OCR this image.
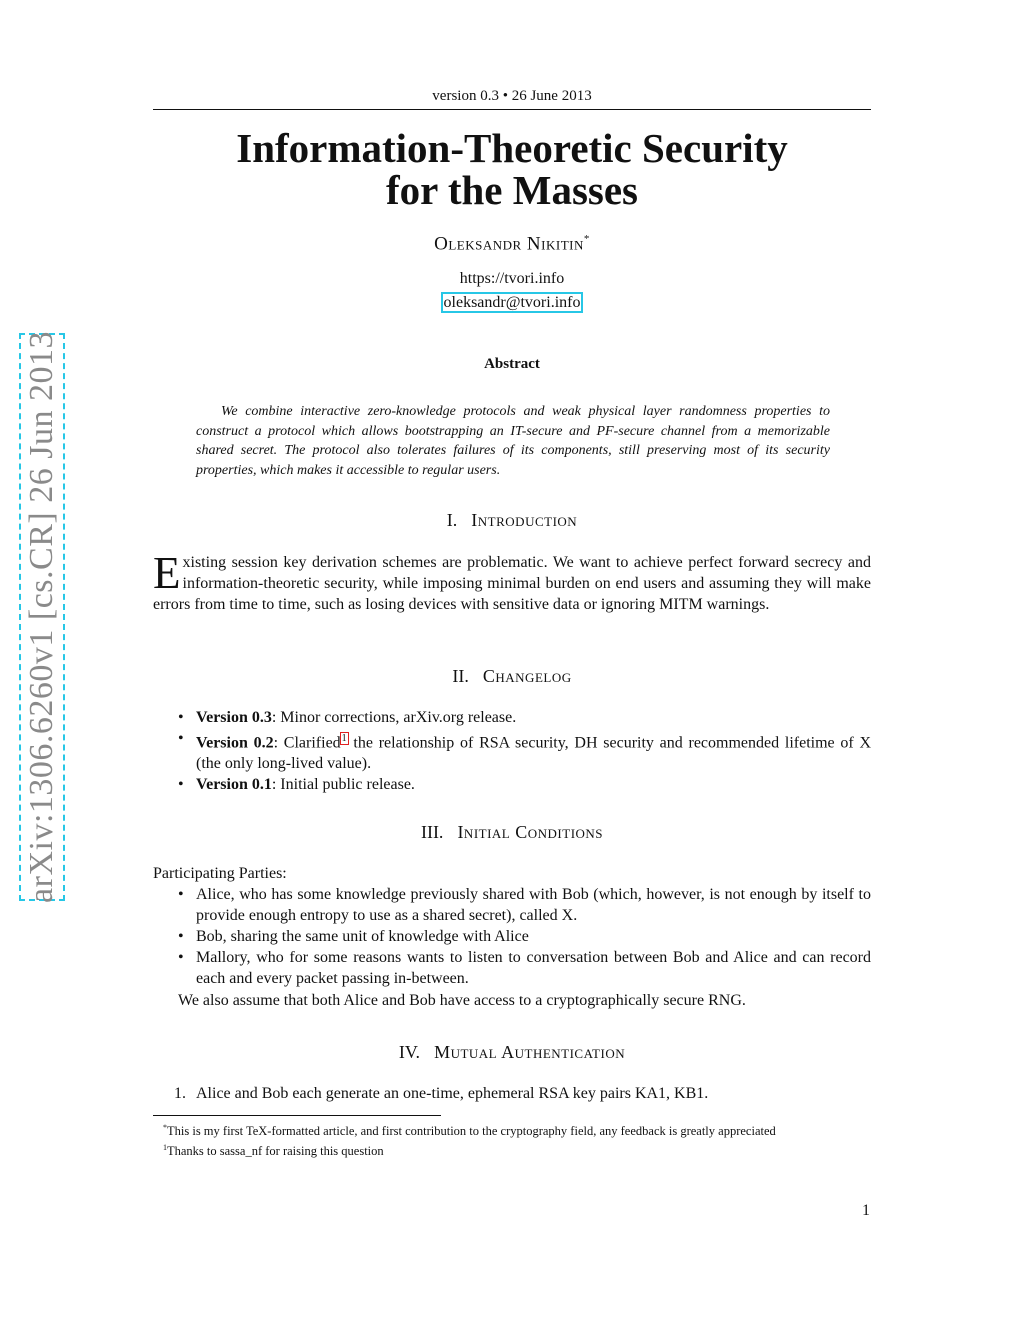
arXiv:1306.6260v1 [cs.CR] 26 Jun 2013
version 0.3 • 26 June 2013
Information-Theoretic Security
for the Masses
Oleksandr Nikitin*
https://tvori.info
oleksandr@tvori.info
Abstract
We combine interactive zero-knowledge protocols and weak physical layer randomness properties to construct a protocol which allows bootstrapping an IT-secure and PF-secure channel from a memorizable shared secret. The protocol also tolerates failures of its components, still preserving most of its security properties, which makes it accessible to regular users.
I. Introduction
Existing session key derivation schemes are problematic. We want to achieve perfect forward secrecy and information-theoretic security, while imposing minimal burden on end users and assuming they will make errors from time to time, such as losing devices with sensitive data or ignoring MITM warnings.
II. Changelog
• Version 0.3: Minor corrections, arXiv.org release.
• Version 0.2: Clarified$^1$ the relationship of RSA security, DH security and recommended lifetime of X (the only long-lived value).
• Version 0.1: Initial public release.
III. Initial Conditions
Participating Parties:
• Alice, who has some knowledge previously shared with Bob (which, however, is not enough by itself to provide enough entropy to use as a shared secret), called X.
• Bob, sharing the same unit of knowledge with Alice
• Mallory, who for some reasons wants to listen to conversation between Bob and Alice and can record each and every packet passing in-between.
We also assume that both Alice and Bob have access to a cryptographically secure RNG.
IV. Mutual Authentication
1. Alice and Bob each generate an one-time, ephemeral RSA key pairs KA1, KB1.

*This is my first TeX-formatted article, and first contribution to the cryptography field, any feedback is greatly appreciated

$^1$Thanks to sassa_nf for raising this question

1
